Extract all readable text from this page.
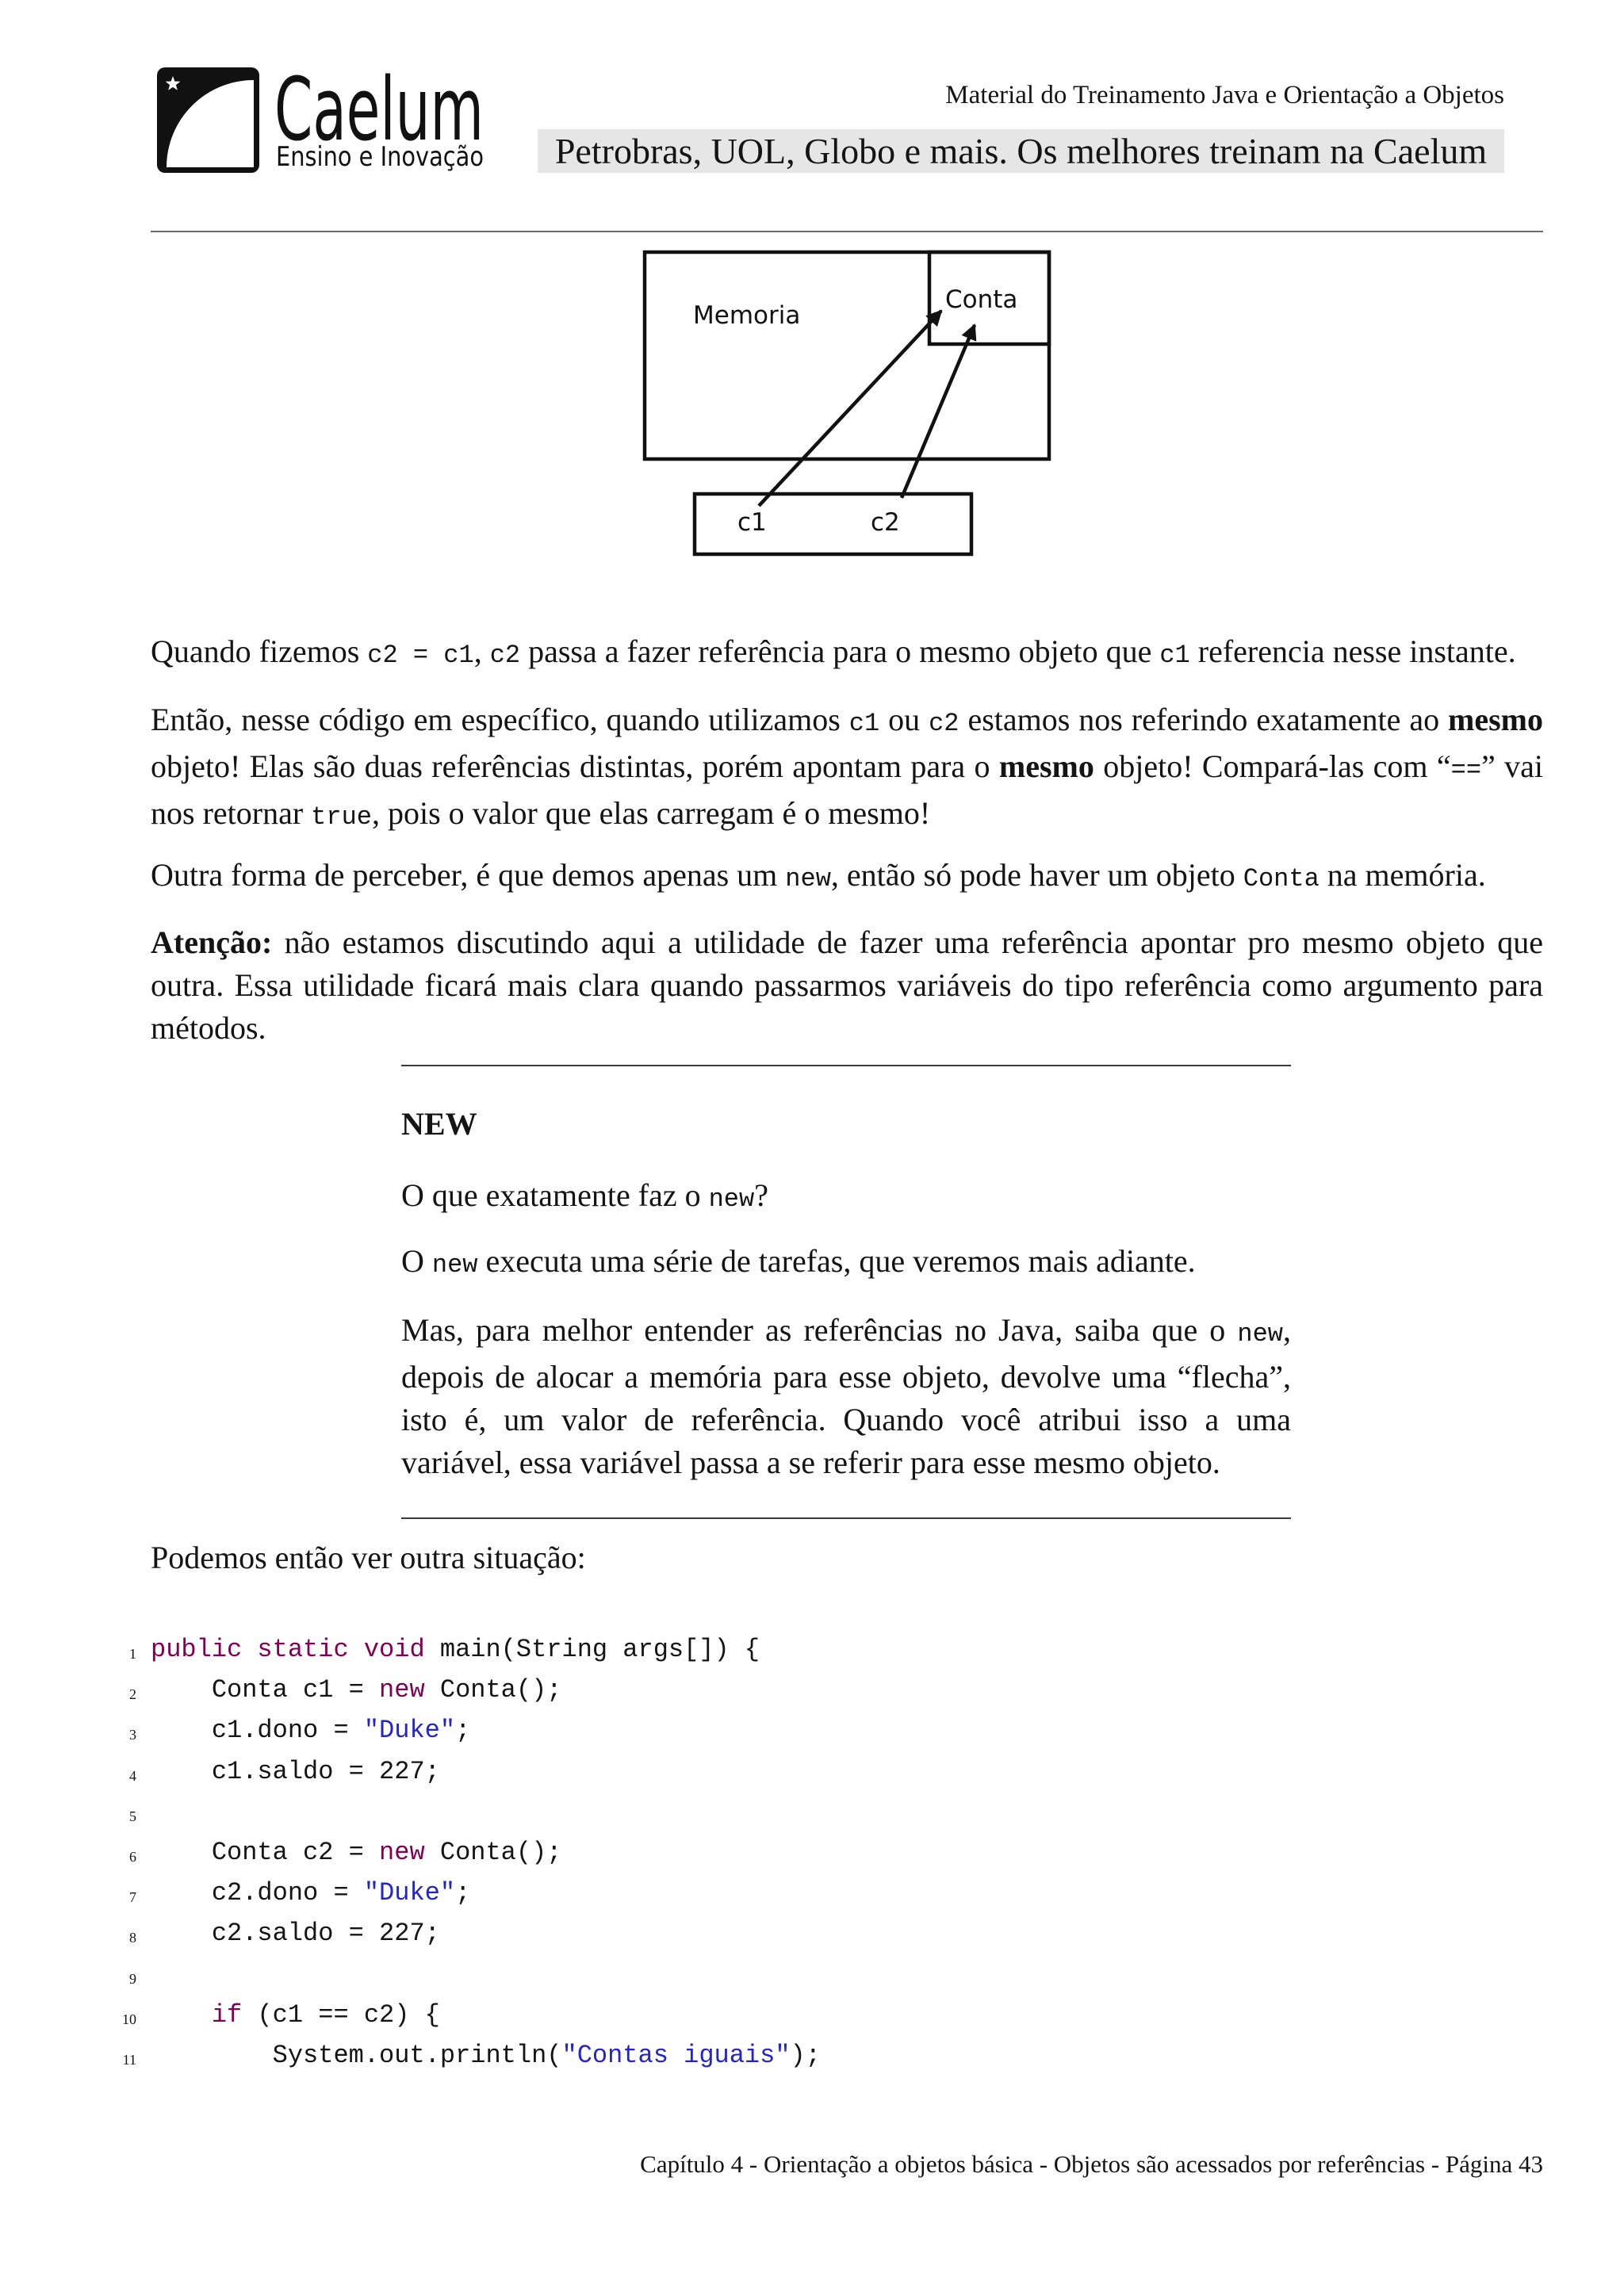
Caelum
Ensino e Inovação
Material do Treinamento Java e Orientação a Objetos
Petrobras, UOL, Globo e mais. Os melhores treinam na Caelum
Memoria
Conta
c1	c2

Quando fizemos c2 = c1, c2 passa a fazer referência para o mesmo objeto que c1 referencia nesse instante.

Então, nesse código em específico, quando utilizamos c1 ou c2 estamos nos referindo exatamente ao mesmo objeto! Elas são duas referências distintas, porém apontam para o mesmo objeto! Compará-las com “==” vai nos retornar true, pois o valor que elas carregam é o mesmo!

Outra forma de perceber, é que demos apenas um new, então só pode haver um objeto Conta na memória.

Atenção: não estamos discutindo aqui a utilidade de fazer uma referência apontar pro mesmo objeto que outra. Essa utilidade ficará mais clara quando passarmos variáveis do tipo referência como argumento para métodos.

NEW

O que exatamente faz o new?

O new executa uma série de tarefas, que veremos mais adiante.

Mas, para melhor entender as referências no Java, saiba que o new, depois de alocar a memória para esse objeto, devolve uma “flecha”, isto é, um valor de referência. Quando você atribui isso a uma variável, essa variável passa a se referir para esse mesmo objeto.

Podemos então ver outra situação:

1 public static void main(String args[]) {
2 Conta c1 = new Conta();
3 c1.dono = "Duke";
4 c1.saldo = 227;
5
6 Conta c2 = new Conta();
7 c2.dono = "Duke";
8 c2.saldo = 227;
9
10	if (c1 == c2) {
11 System.out.println("Contas iguais");
Capítulo 4 - Orientação a objetos básica - Objetos são acessados por referências - Página 43
